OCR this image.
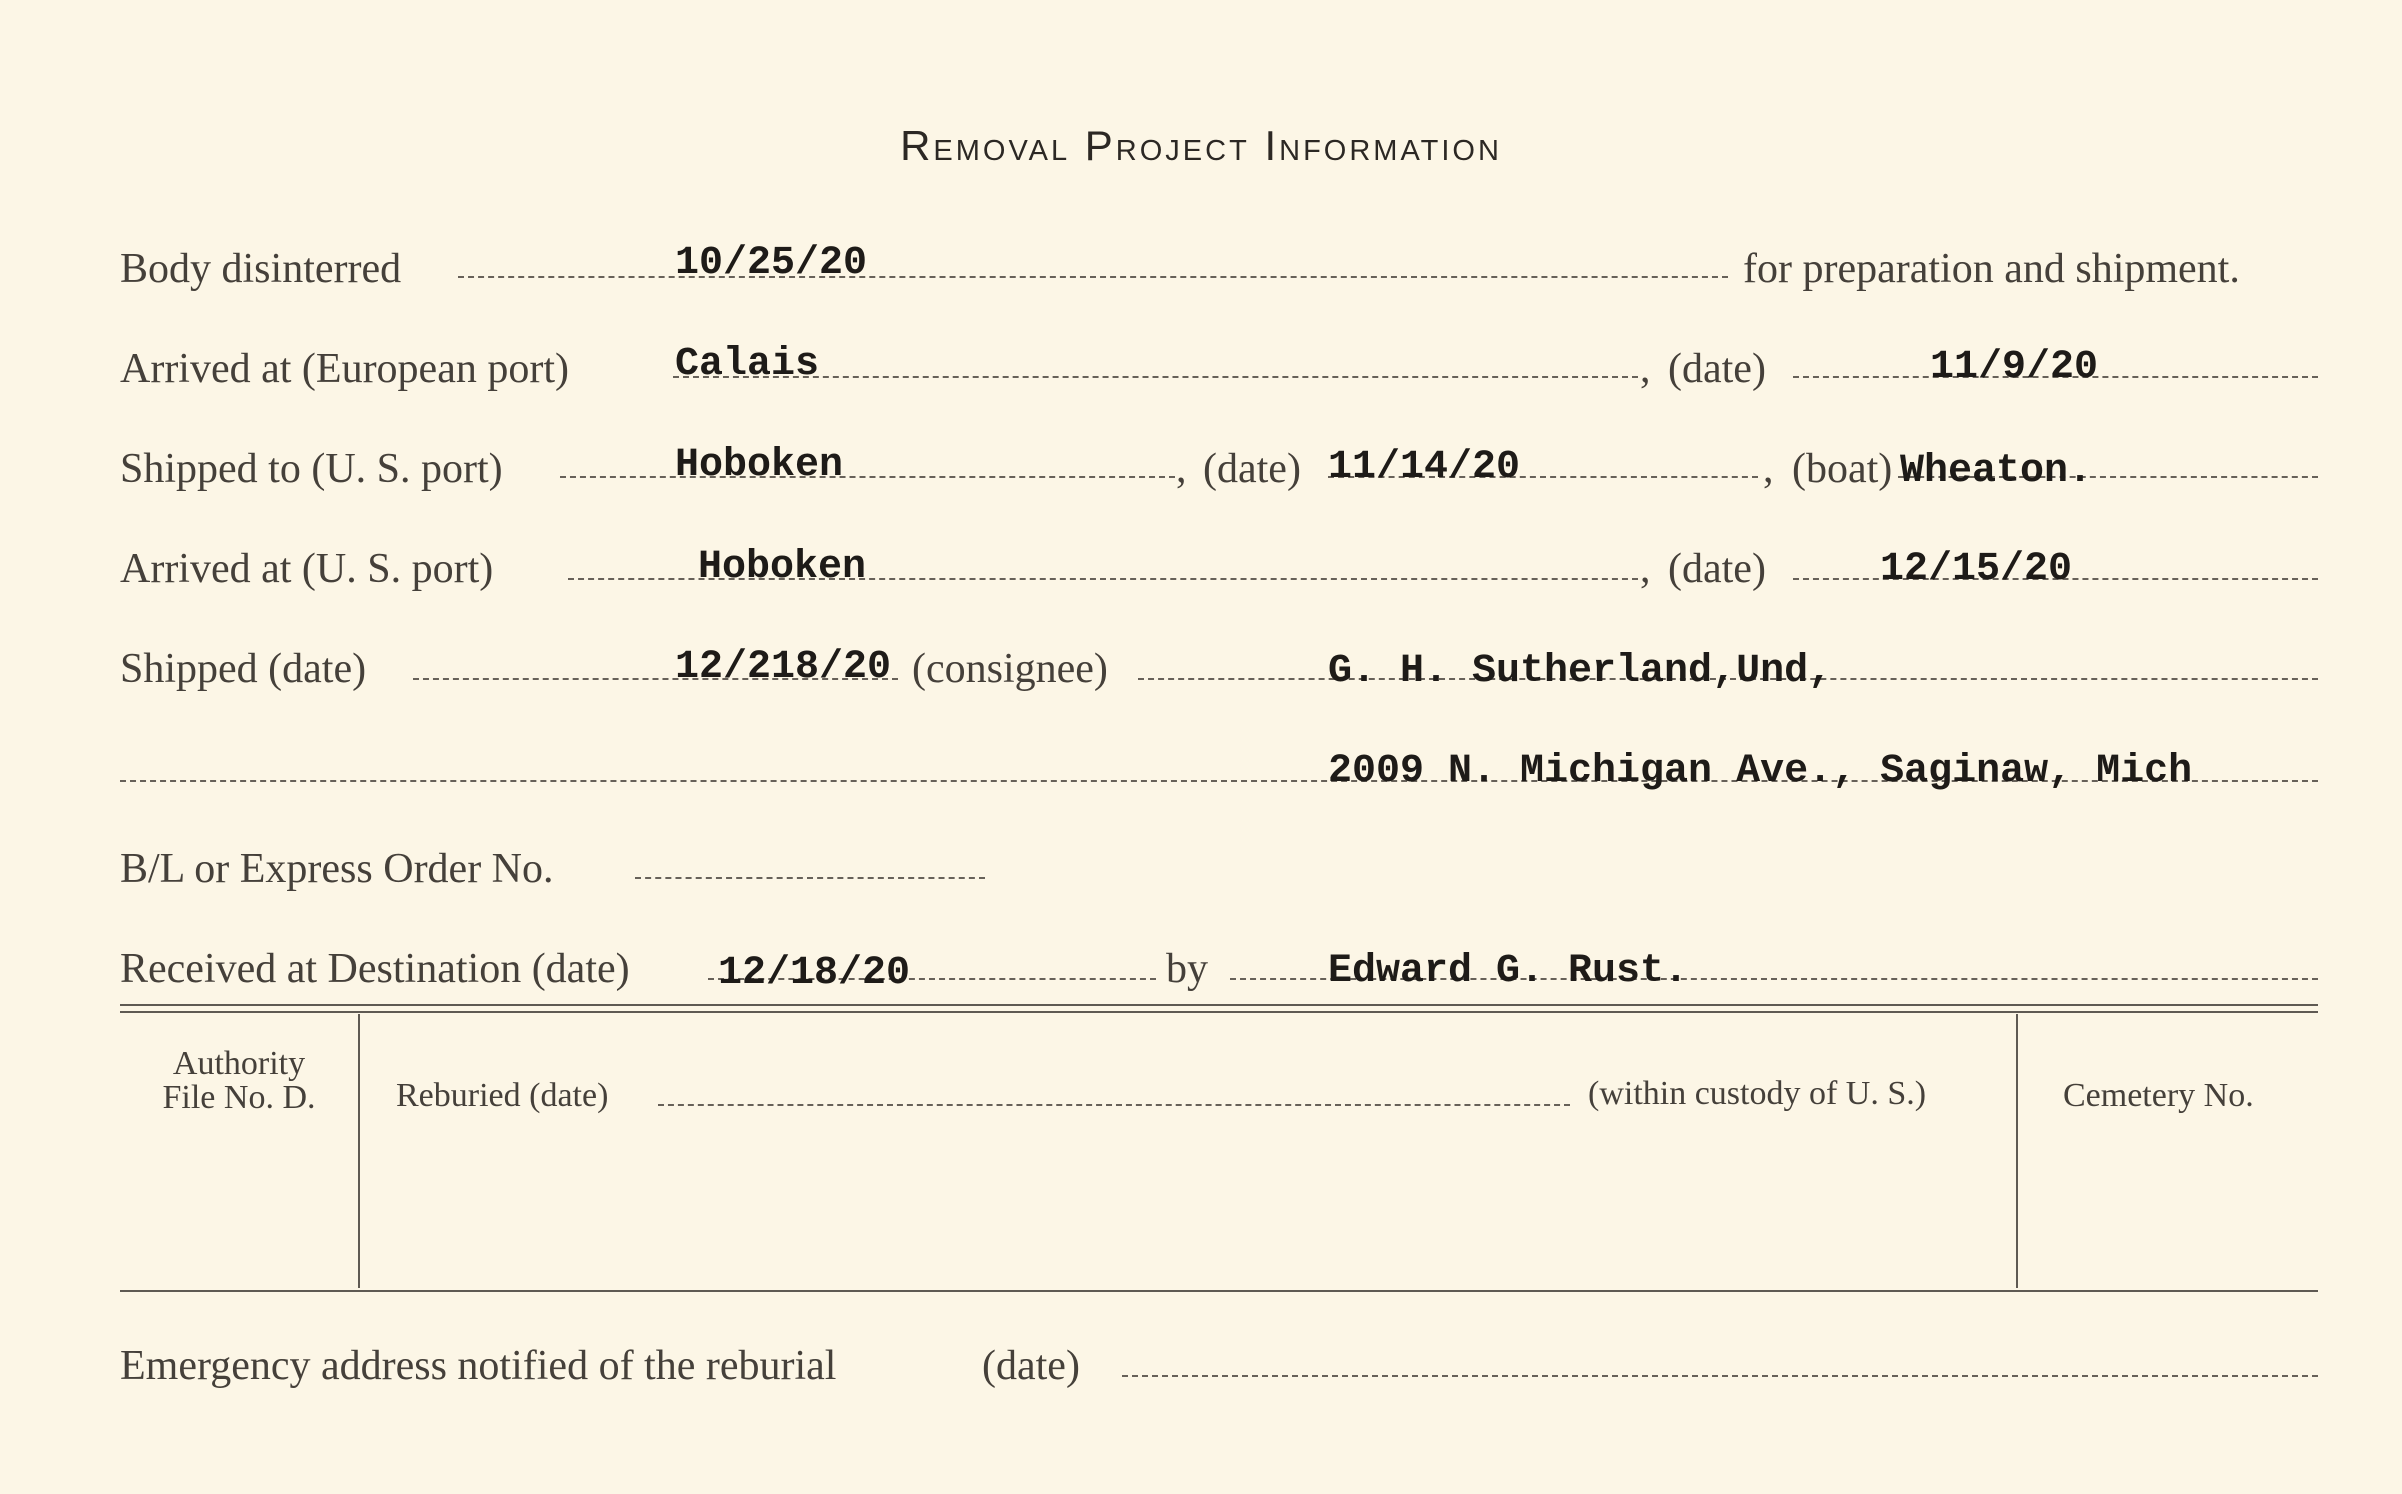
Removal Project Information
Body disinterred	10/25/20	for preparation and shipment.
Arrived at (European port)	Calais	, (date)	11/9/20
Shipped to (U. S. port)	Hoboken	, (date) 11/14/20	, (boat) Wheaton.
Arrived at (U. S. port)	Hoboken	, (date)	12/15/20
Shipped (date)	12/218/20 (consignee)	G. H. Sutherland,Und,
2009 N. Michigan Ave., Saginaw, Mich
B/L or Express Order No.
Received at Destination (date) 12/18/20	by	Edward G. Rust.
Authority
File No. D.	Reburied (date)	(within custody of U. S.)	Cemetery No.
Emergency address notified of the reburial	(date)
